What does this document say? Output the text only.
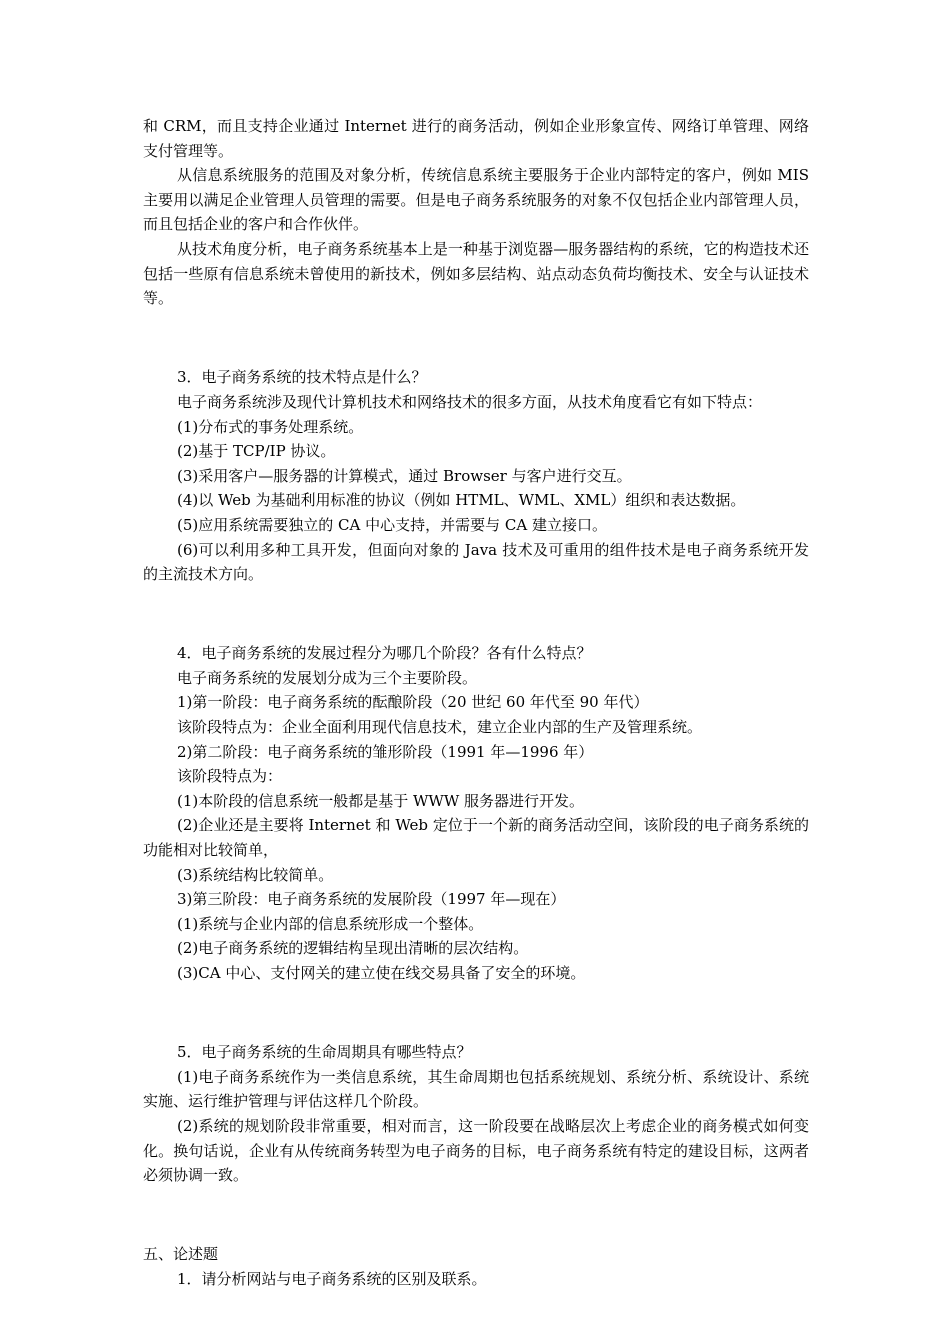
和 CRM，而且支持企业通过 Internet 进行的商务活动，例如企业形象宣传、网络订单管理、网络支付管理等。

从信息系统服务的范围及对象分析，传统信息系统主要服务于企业内部特定的客户，例如 MIS 主要用以满足企业管理人员管理的需要。但是电子商务系统服务的对象不仅包括企业内部管理人员，而且包括企业的客户和合作伙伴。

从技术角度分析，电子商务系统基本上是一种基于浏览器—服务器结构的系统，它的构造技术还包括一些原有信息系统未曾使用的新技术，例如多层结构、站点动态负荷均衡技术、安全与认证技术等。

3．电子商务系统的技术特点是什么？

电子商务系统涉及现代计算机技术和网络技术的很多方面，从技术角度看它有如下特点：

(1)分布式的事务处理系统。

(2)基于 TCP/IP 协议。

(3)采用客户—服务器的计算模式，通过 Browser 与客户进行交互。

(4)以 Web 为基础利用标准的协议（例如 HTML、WML、XML）组织和表达数据。

(5)应用系统需要独立的 CA 中心支持，并需要与 CA 建立接口。

(6)可以利用多种工具开发，但面向对象的 Java 技术及可重用的组件技术是电子商务系统开发的主流技术方向。

4．电子商务系统的发展过程分为哪几个阶段？各有什么特点？

电子商务系统的发展划分成为三个主要阶段。

1)第一阶段：电子商务系统的酝酿阶段（20 世纪 60 年代至 90 年代）

该阶段特点为：企业全面利用现代信息技术，建立企业内部的生产及管理系统。

2)第二阶段：电子商务系统的雏形阶段（1991 年—1996 年）

该阶段特点为：

(1)本阶段的信息系统一般都是基于 WWW 服务器进行开发。

(2)企业还是主要将 Internet 和 Web 定位于一个新的商务活动空间，该阶段的电子商务系统的功能相对比较简单，

(3)系统结构比较简单。

3)第三阶段：电子商务系统的发展阶段（1997 年—现在）

(1)系统与企业内部的信息系统形成一个整体。

(2)电子商务系统的逻辑结构呈现出清晰的层次结构。

(3)CA 中心、支付网关的建立使在线交易具备了安全的环境。

5．电子商务系统的生命周期具有哪些特点？

(1)电子商务系统作为一类信息系统，其生命周期也包括系统规划、系统分析、系统设计、系统实施、运行维护管理与评估这样几个阶段。

(2)系统的规划阶段非常重要，相对而言，这一阶段要在战略层次上考虑企业的商务模式如何变化。换句话说，企业有从传统商务转型为电子商务的目标，电子商务系统有特定的建设目标，这两者必须协调一致。

五、论述题

1．请分析网站与电子商务系统的区别及联系。
